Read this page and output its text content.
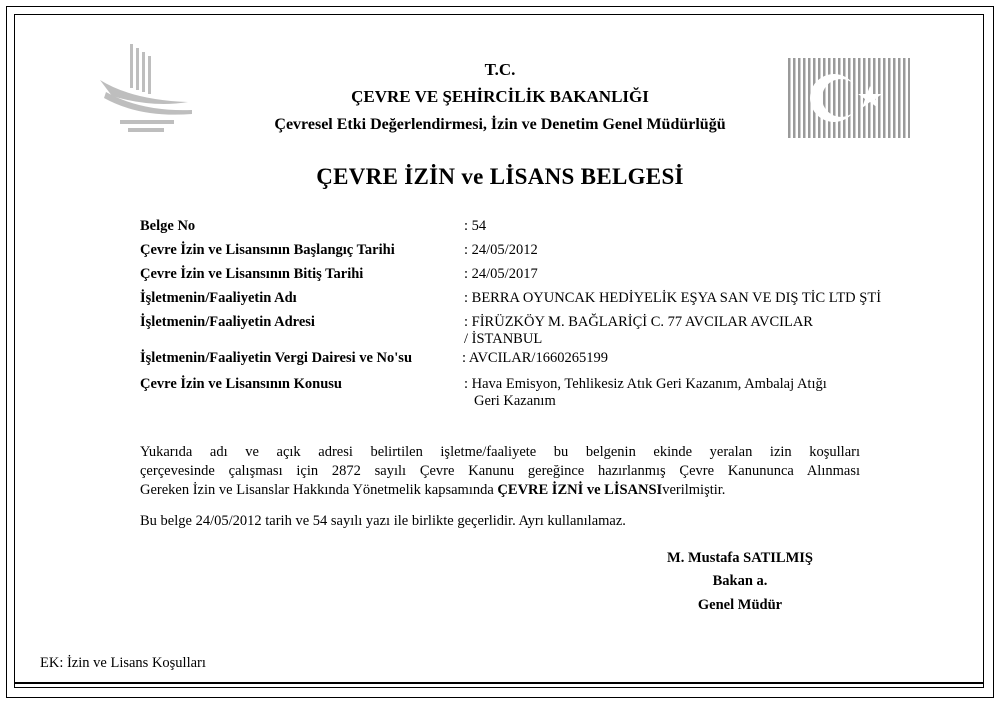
T.C.
ÇEVRE VE ŞEHİRCİLİK BAKANLIĞI
Çevresel Etki Değerlendirmesi, İzin ve Denetim Genel Müdürlüğü
ÇEVRE İZİN ve LİSANS BELGESİ
Belge No	: 54
Çevre İzin ve Lisansının Başlangıç Tarihi	: 24/05/2012
Çevre İzin ve Lisansının Bitiş Tarihi	: 24/05/2017
İşletmenin/Faaliyetin Adı	: BERRA OYUNCAK HEDİYELİK EŞYA SAN VE DIŞ TİC LTD ŞTİ
İşletmenin/Faaliyetin Adresi	: FİRÜZKÖY M. BAĞLARİÇİ C. 77 AVCILAR AVCILAR
/ İSTANBUL
İşletmenin/Faaliyetin Vergi Dairesi ve No'su	: AVCILAR/1660265199
Çevre İzin ve Lisansının Konusu	: Hava Emisyon, Tehlikesiz Atık Geri Kazanım, Ambalaj Atığı
Geri Kazanım
Yukarıda adı ve açık adresi belirtilen işletme/faaliyete bu belgenin ekinde yeralan izin koşulları
çerçevesinde çalışması için 2872 sayılı Çevre Kanunu gereğince hazırlanmış Çevre Kanununca Alınması
Gereken İzin ve Lisanslar Hakkında Yönetmelik kapsamında ÇEVRE İZNİ ve LİSANSIverilmiştir.
Bu belge 24/05/2012 tarih ve 54 sayılı yazı ile birlikte geçerlidir. Ayrı kullanılamaz.
M. Mustafa SATILMIŞ
Bakan a.
Genel Müdür
EK: İzin ve Lisans Koşulları
